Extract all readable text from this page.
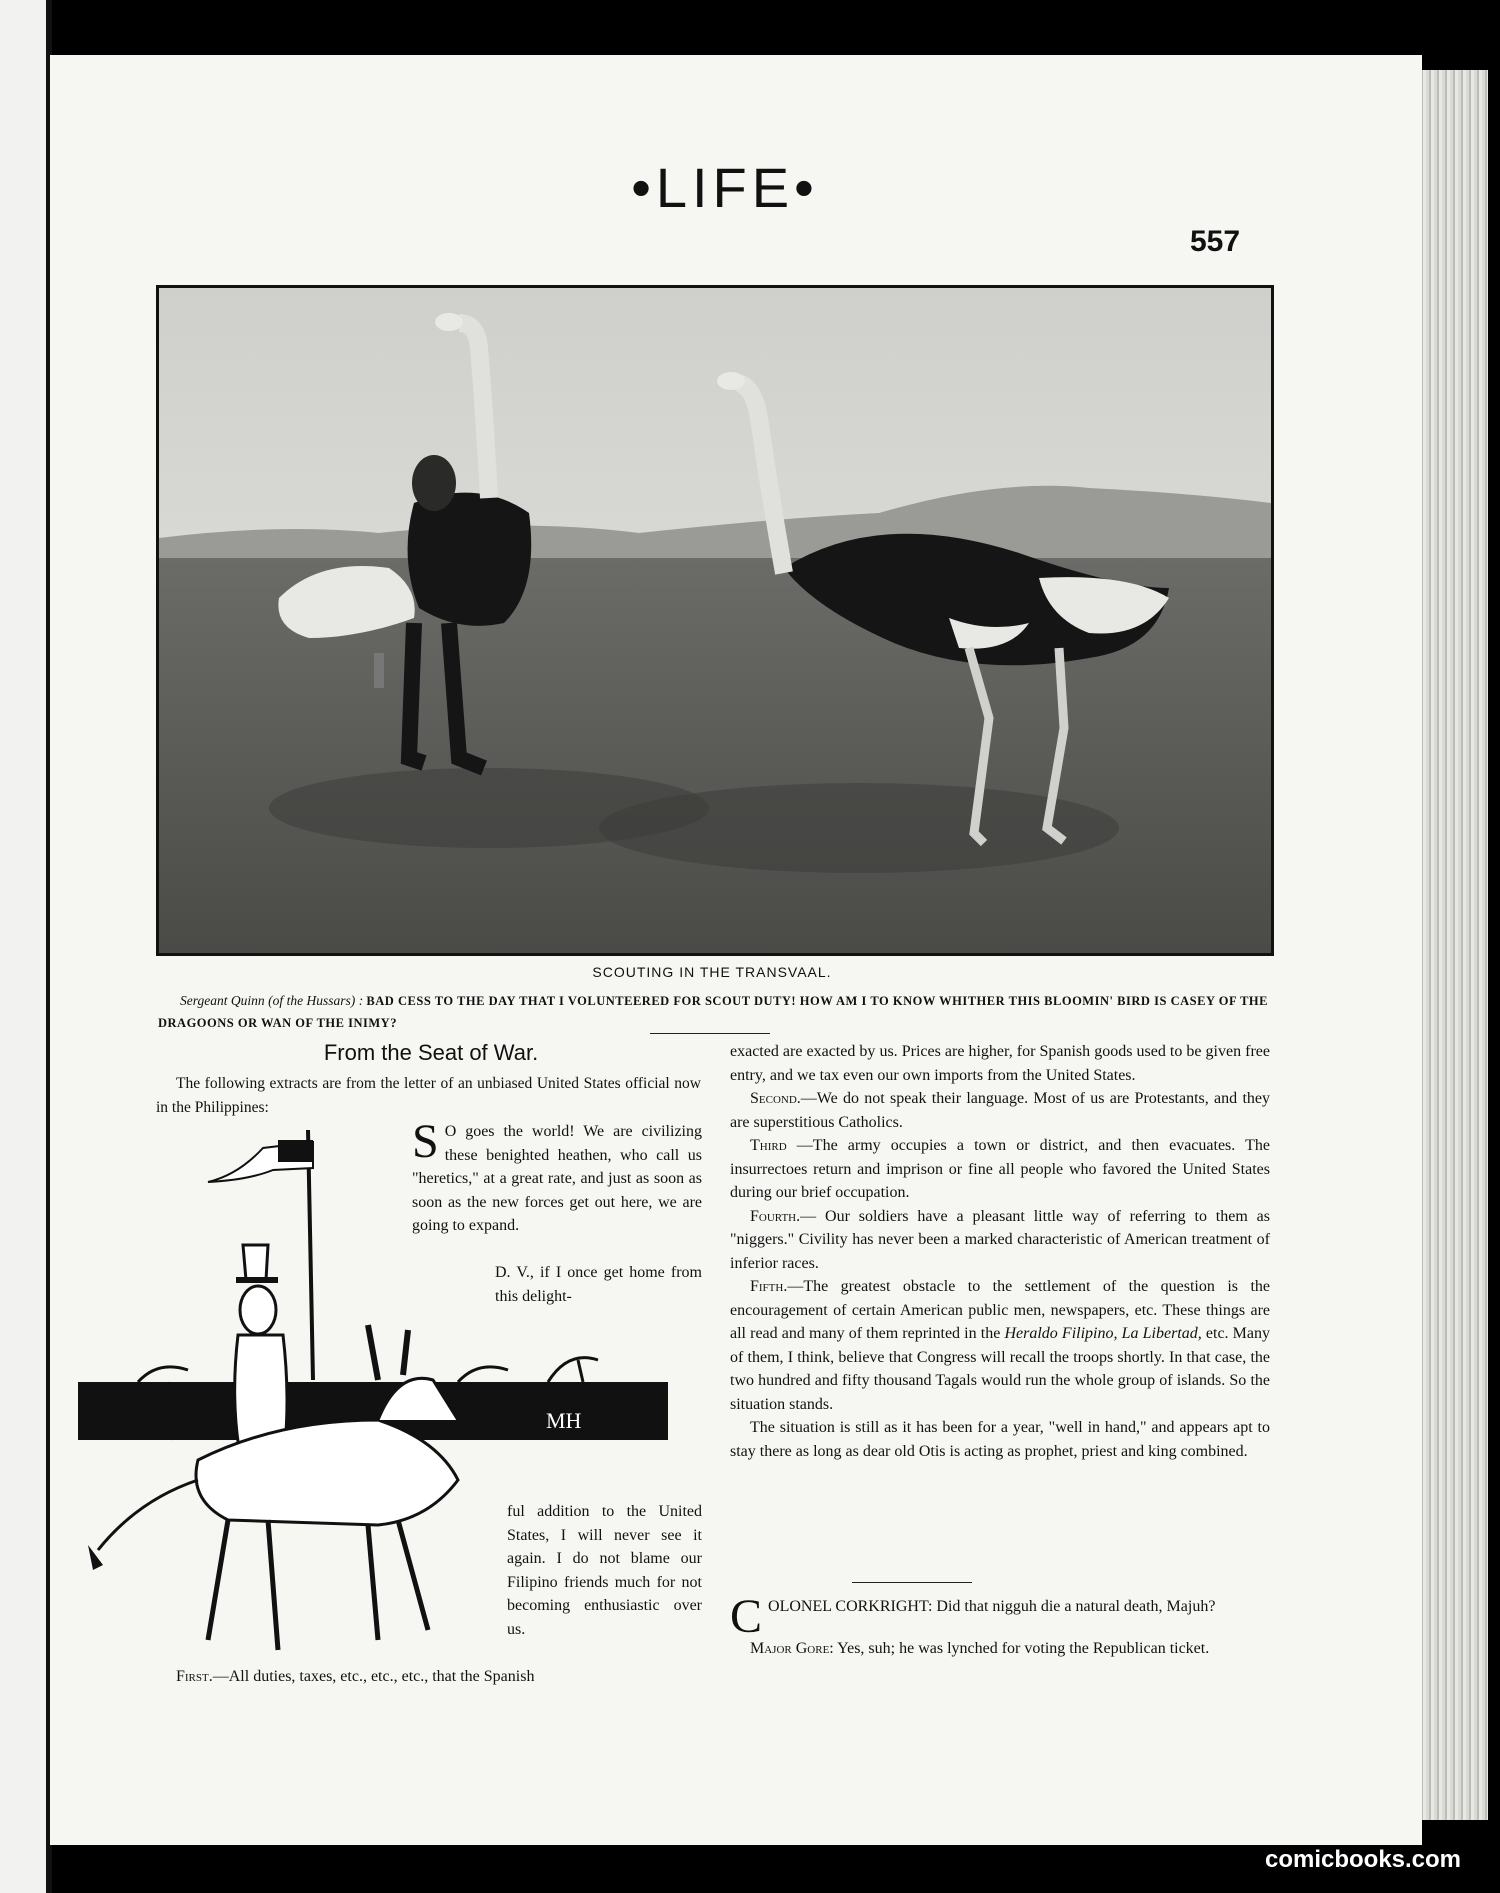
•LIFE•
557
SCOUTING IN THE TRANSVAAL.
Sergeant Quinn (of the Hussars) : BAD CESS TO THE DAY THAT I VOLUNTEERED FOR SCOUT DUTY! HOW AM I TO KNOW WHITHER THIS BLOOMIN' BIRD IS CASEY OF THE DRAGOONS OR WAN OF THE INIMY?
From the Seat of War.
The following extracts are from the letter of an unbiased United States official now in the Philippines:
MH
S O goes the world! We are civilizing these benighted heathen, who call us "heretics," at a great rate, and just as soon as soon as the new forces get out here, we are going to expand.
D. V., if I once get home from this delight-
ful addition to the United States, I will never see it again. I do not blame our Filipino friends much for not becoming enthusiastic over us.

First.—All duties, taxes, etc., etc., etc., that the Spanish

exacted are exacted by us. Prices are higher, for Spanish goods used to be given free entry, and we tax even our own imports from the United States.

Second.—We do not speak their language. Most of us are Protestants, and they are superstitious Catholics.

Third —The army occupies a town or district, and then evacuates. The insurrectoes return and imprison or fine all people who favored the United States during our brief occupation.

Fourth.— Our soldiers have a pleasant little way of referring to them as "niggers." Civility has never been a marked characteristic of American treatment of inferior races.

Fifth.—The greatest obstacle to the settlement of the question is the encouragement of certain American public men, newspapers, etc. These things are all read and many of them reprinted in the Heraldo Filipino, La Libertad, etc. Many of them, I think, believe that Congress will recall the troops shortly. In that case, the two hundred and fifty thousand Tagals would run the whole group of islands. So the situation stands.

The situation is still as it has been for a year, "well in hand," and appears apt to stay there as long as dear old Otis is acting as prophet, priest and king combined.

COLONEL CORKRIGHT: Did that nigguh die a natural death, Majuh?

Major Gore: Yes, suh; he was lynched for voting the Republican ticket.

comicbooks.com
